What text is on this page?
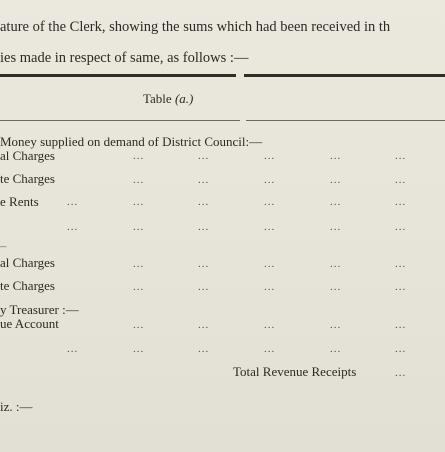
ature of the Clerk, showing the sums which had been received in th
ies made in respect of same, as follows :—
Table (a.)
Money supplied on demand of District Council:—
al Charges	...	...	...	...	...
te Charges	...	...	...	...	...
e Rents	...	...	...	...	...	...
...	...	...	...	...	...
–
al Charges	...	...	...	...	...
te Charges	...	...	...	...	...
y Treasurer :—
ue Account	...	...	...	...	...
...	...	...	...	...	...
Total Revenue Receipts	...
iz. :—
